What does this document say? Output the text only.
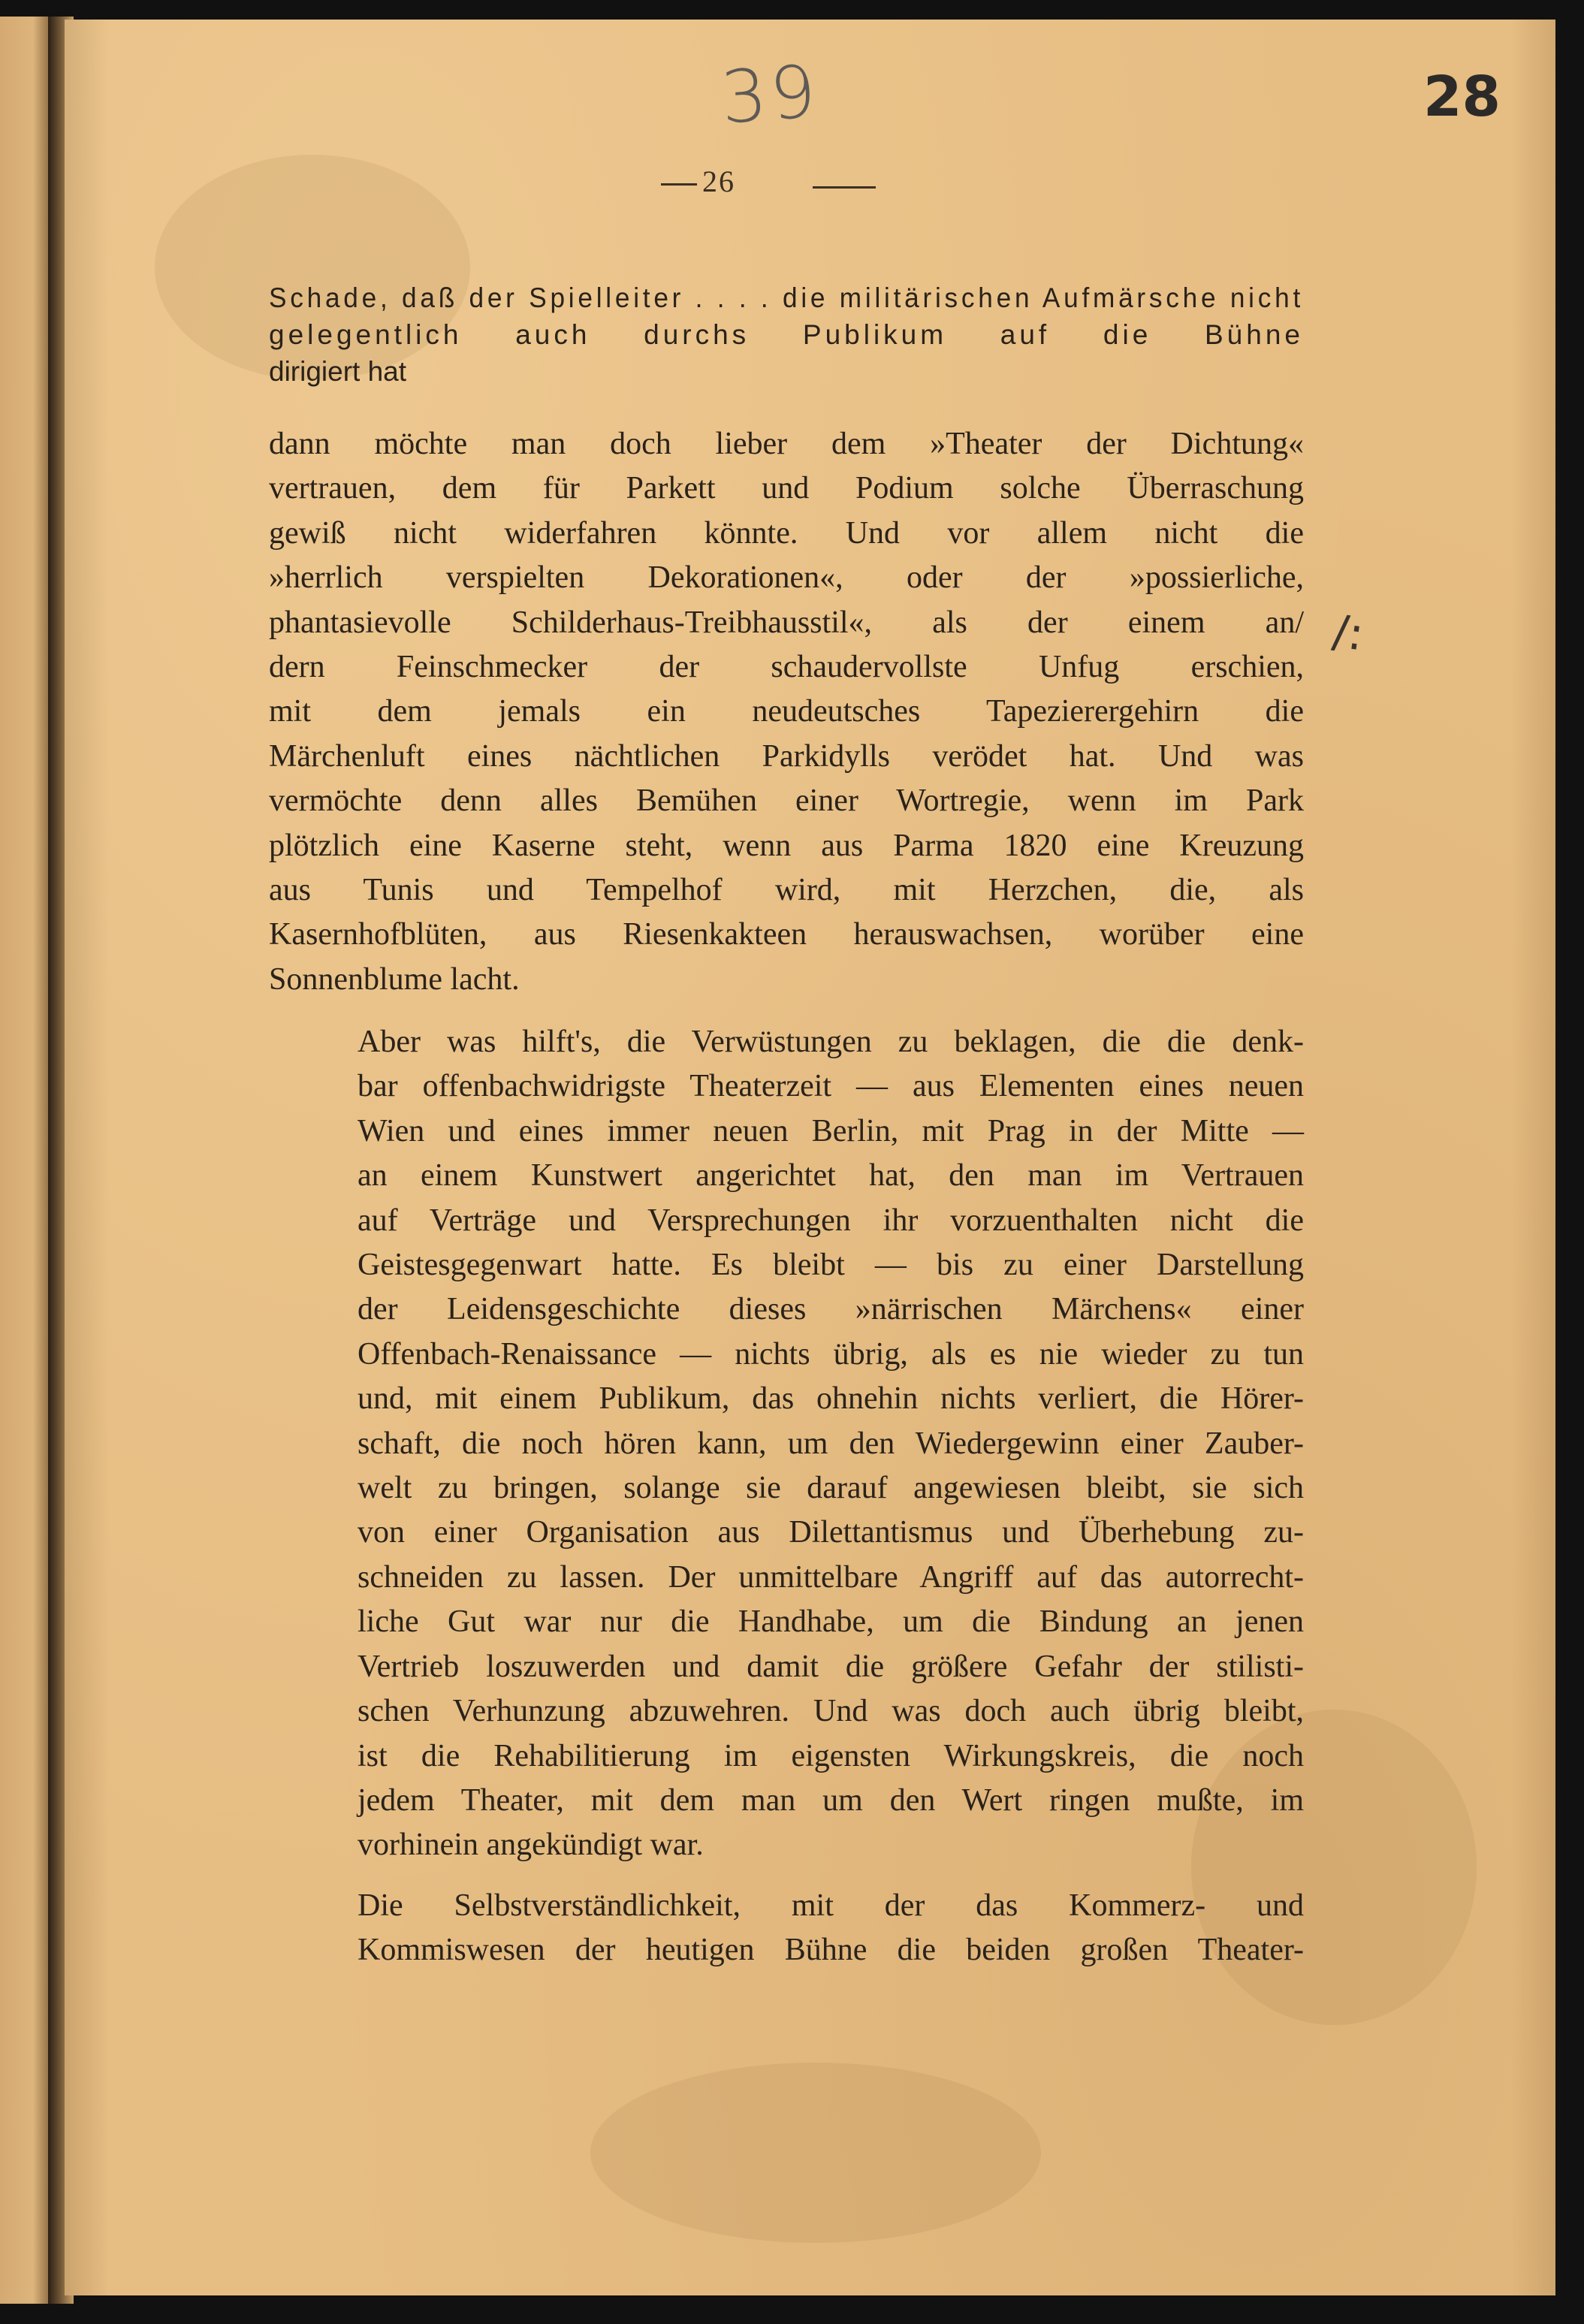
39	28
26

Schade, daß der Spielleiter . . . . die militärischen Aufmärsche nicht

gelegentlich auch durchs Publikum auf die Bühne

dirigiert hat

dann möchte man doch lieber dem »Theater der Dichtung«
vertrauen, dem für Parkett und Podium solche Überraschung
gewiß nicht widerfahren könnte. Und vor allem nicht die
»herrlich verspielten Dekorationen«, oder der »possierliche,
phantasievolle Schilderhaus-Treibhausstil«, als der einem an/
dern Feinschmecker der schaudervollste Unfug erschien,
mit dem jemals ein neudeutsches Tapezierergehirn die
Märchenluft eines nächtlichen Parkidylls verödet hat. Und was
vermöchte denn alles Bemühen einer Wortregie, wenn im Park
plötzlich eine Kaserne steht, wenn aus Parma 1820 eine Kreuzung
aus Tunis und Tempelhof wird, mit Herzchen, die, als
Kasernhofblüten, aus Riesenkakteen herauswachsen, worüber eine
Sonnenblume lacht.
/:
Aber was hilft's, die Verwüstungen zu beklagen, die die denk-
bar offenbachwidrigste Theaterzeit — aus Elementen eines neuen
Wien und eines immer neuen Berlin, mit Prag in der Mitte —
an einem Kunstwert angerichtet hat, den man im Vertrauen
auf Verträge und Versprechungen ihr vorzuenthalten nicht die
Geistesgegenwart hatte. Es bleibt — bis zu einer Darstellung
der Leidensgeschichte dieses »närrischen Märchens« einer
Offenbach-Renaissance — nichts übrig, als es nie wieder zu tun
und, mit einem Publikum, das ohnehin nichts verliert, die Hörer-
schaft, die noch hören kann, um den Wiedergewinn einer Zauber-
welt zu bringen, solange sie darauf angewiesen bleibt, sie sich
von einer Organisation aus Dilettantismus und Überhebung zu-
schneiden zu lassen. Der unmittelbare Angriff auf das autorrecht-
liche Gut war nur die Handhabe, um die Bindung an jenen
Vertrieb loszuwerden und damit die größere Gefahr der stilisti-
schen Verhunzung abzuwehren. Und was doch auch übrig bleibt,
ist die Rehabilitierung im eigensten Wirkungskreis, die noch
jedem Theater, mit dem man um den Wert ringen mußte, im
vorhinein angekündigt war.
Die Selbstverständlichkeit, mit der das Kommerz- und
Kommiswesen der heutigen Bühne die beiden großen Theater-
